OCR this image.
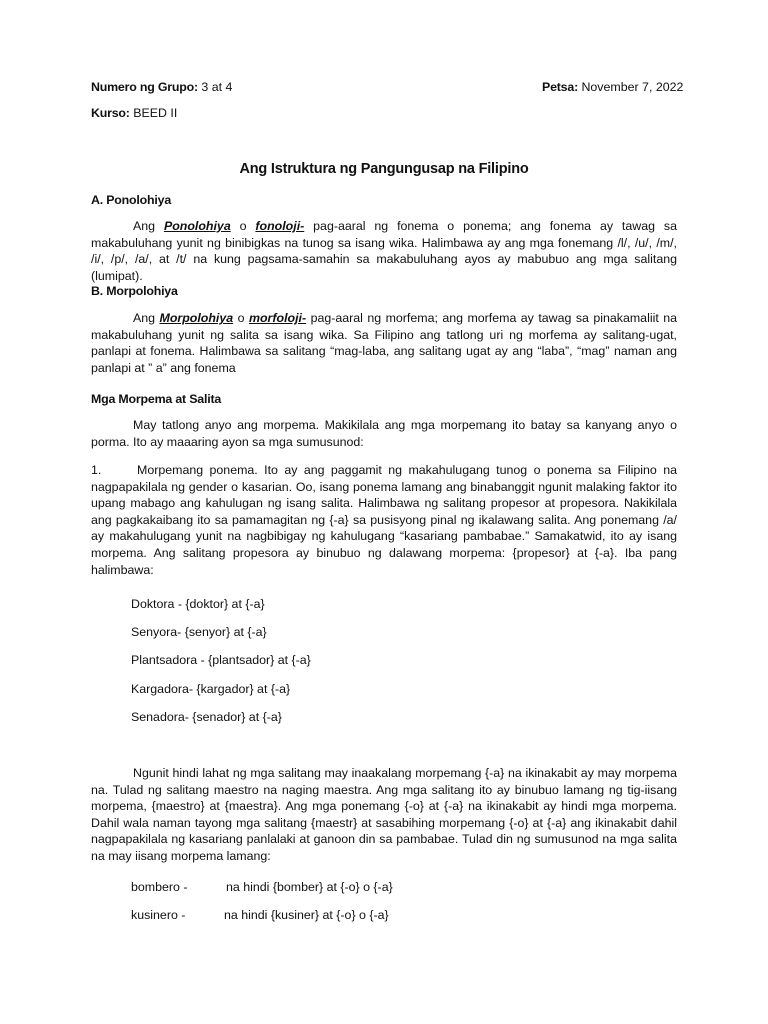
Numero ng Grupo: 3 at 4	Petsa: November 7, 2022
Kurso: BEED II
Ang Istruktura ng Pangungusap na Filipino
A. Ponolohiya
Ang Ponolohiya o fonoloji- pag-aaral ng fonema o ponema; ang fonema ay tawag sa makabuluhang yunit ng binibigkas na tunog sa isang wika. Halimbawa ay ang mga fonemang /l/, /u/, /m/, /i/, /p/, /a/, at /t/ na kung pagsama-samahin sa makabuluhang ayos ay mabubuo ang mga salitang (lumipat).
B. Morpolohiya
Ang Morpolohiya o morfoloji- pag-aaral ng morfema; ang morfema ay tawag sa pinakamaliit na makabuluhang yunit ng salita sa isang wika. Sa Filipino ang tatlong uri ng morfema ay salitang-ugat, panlapi at fonema. Halimbawa sa salitang “mag-laba, ang salitang ugat ay ang “laba”, “mag” naman ang panlapi at ” a” ang fonema
Mga Morpema at Salita
May tatlong anyo ang morpema. Makikilala ang mga morpemang ito batay sa kanyang anyo o porma. Ito ay maaaring ayon sa mga sumusunod:
1.	Morpemang ponema. Ito ay ang paggamit ng makahulugang tunog o ponema sa Filipino na nagpapakilala ng gender o kasarian. Oo, isang ponema lamang ang binabanggit ngunit malaking faktor ito upang mabago ang kahulugan ng isang salita. Halimbawa ng salitang propesor at propesora. Nakikilala ang pagkakaibang ito sa pamamagitan ng {-a} sa pusisyong pinal ng ikalawang salita. Ang ponemang /a/ ay makahulugang yunit na nagbibigay ng kahulugang “kasariang pambabae.” Samakatwid, ito ay isang morpema. Ang salitang propesora ay binubuo ng dalawang morpema: {propesor} at {-a}. Iba pang halimbawa:
Doktora - {doktor} at {-a}
Senyora- {senyor} at {-a}
Plantsadora - {plantsador} at {-a}
Kargadora- {kargador} at {-a}
Senadora- {senador} at {-a}
Ngunit hindi lahat ng mga salitang may inaakalang morpemang {-a} na ikinakabit ay may morpema na. Tulad ng salitang maestro na naging maestra. Ang mga salitang ito ay binubuo lamang ng tig-iisang morpema, {maestro} at {maestra}. Ang mga ponemang {-o} at {-a} na ikinakabit ay hindi mga morpema. Dahil wala naman tayong mga salitang {maestr} at sasabihing morpemang {-o} at {-a} ang ikinakabit dahil nagpapakilala ng kasariang panlalaki at ganoon din sa pambabae. Tulad din ng sumusunod na mga salita na may iisang morpema lamang:
bombero -	na hindi {bomber} at {-o} o {-a}
kusinero -	na hindi {kusiner} at {-o} o {-a}
